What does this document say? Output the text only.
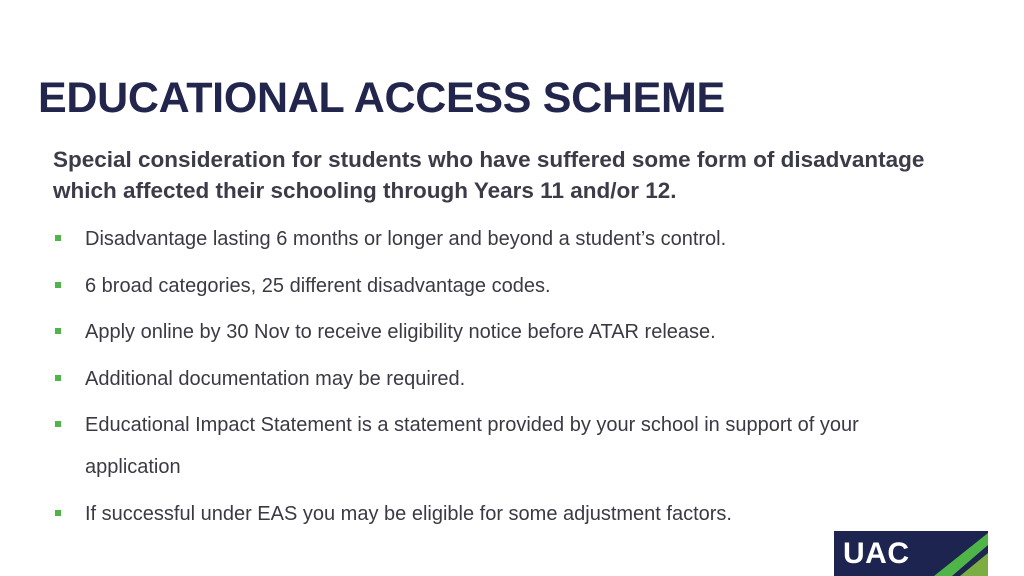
EDUCATIONAL ACCESS SCHEME

Special consideration for students who have suffered some form of disadvantage which affected their schooling through Years 11 and/or 12.

Disadvantage lasting 6 months or longer and beyond a student’s control.
6 broad categories, 25 different disadvantage codes.
Apply online by 30 Nov to receive eligibility notice before ATAR release.
Additional documentation may be required.
Educational Impact Statement is a statement provided by your school in support of your application
If successful under EAS you may be eligible for some adjustment factors.
UAC
